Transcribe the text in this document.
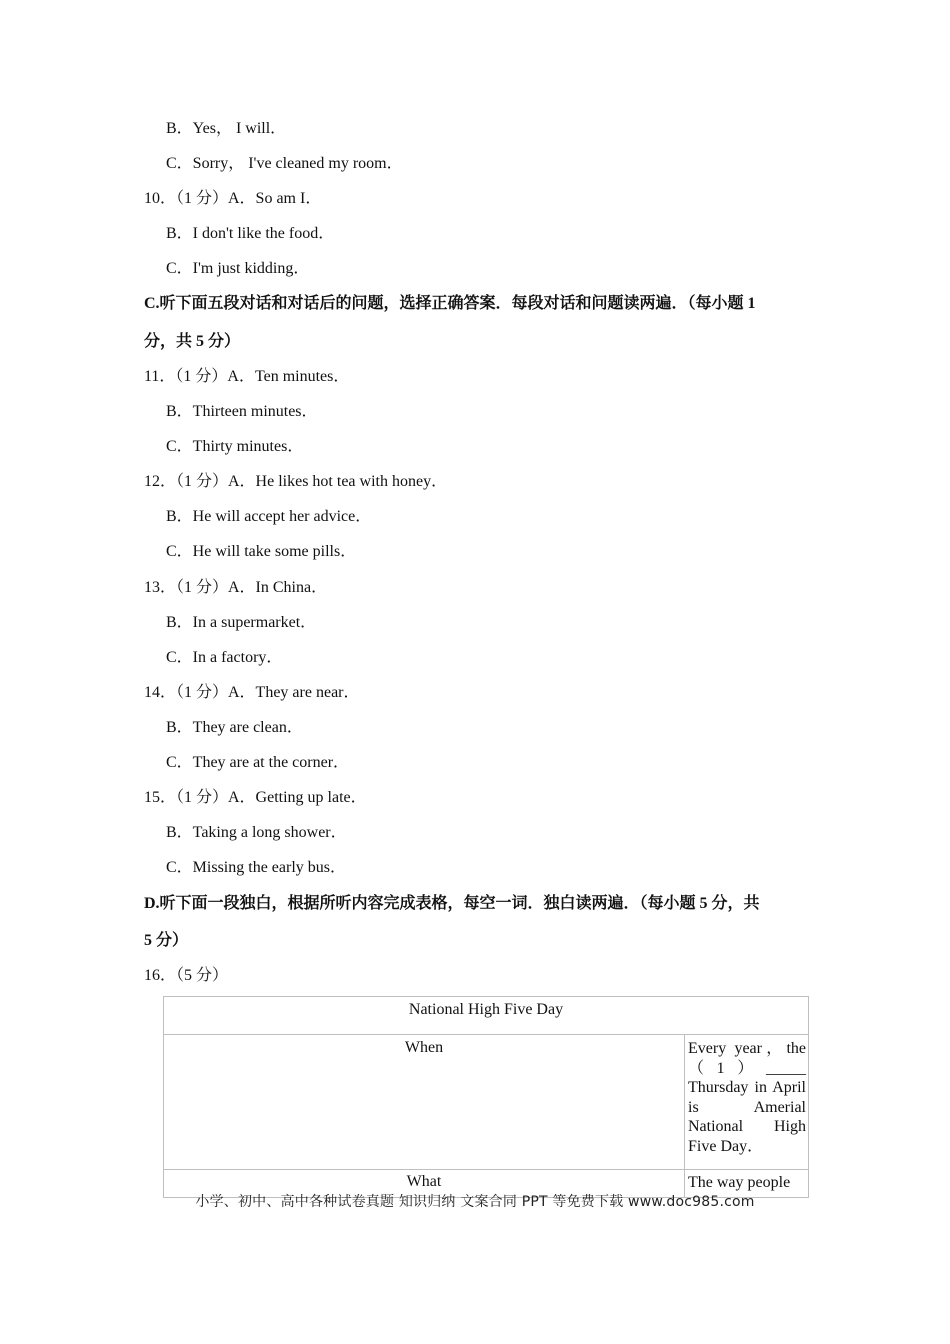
B．Yes， I will．
C．Sorry， I've cleaned my room．
10．（1 分）A．So am I．
B．I don't like the food．
C．I'm just kidding．
C.听下面五段对话和对话后的问题，选择正确答案．每段对话和问题读两遍．（每小题 1
分，共 5 分）
11．（1 分）A．Ten minutes．
B．Thirteen minutes．
C．Thirty minutes．
12．（1 分）A．He likes hot tea with honey．
B．He will accept her advice．
C．He will take some pills．
13．（1 分）A．In China．
B．In a supermarket．
C．In a factory．
14．（1 分）A．They are near．
B．They are clean．
C．They are at the corner．
15．（1 分）A．Getting up late．
B．Taking a long shower．
C．Missing the early bus．
D.听下面一段独白，根据所听内容完成表格，每空一词．独白读两遍．（每小题 5 分，共
5 分）
16．（5 分）
National High Five Day	
When	Every year，the（1）_____ Thursday in April is Amerial National High Five Day．
What	The way people
小学、初中、高中各种试卷真题 知识归纳 文案合同 PPT 等免费下载 www.doc985.com
